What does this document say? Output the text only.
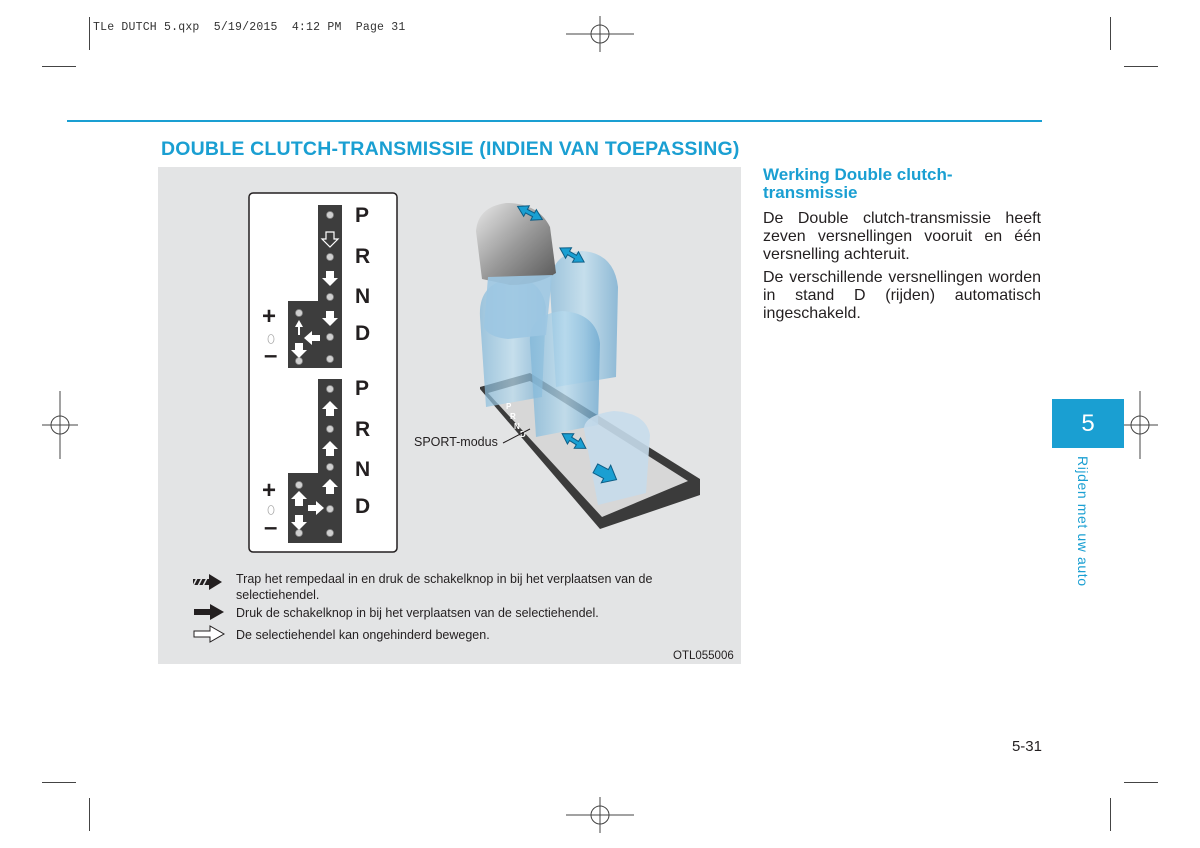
TLe DUTCH 5.qxp  5/19/2015  4:12 PM  Page 31
DOUBLE CLUTCH-TRANSMISSIE (INDIEN VAN TOEPASSING)
P
R
N
D
P
R
N
D
+
–
P
R
N
D
+
–
SPORT-modus
Trap het rempedaal in en druk de schakelknop in bij het verplaatsen van de selectiehendel.
Druk de schakelknop in bij het verplaatsen van de selectiehendel.
De selectiehendel kan ongehinderd bewegen.
OTL055006
Werking Double clutch-transmissie
De Double clutch-transmissie heeft zeven versnellingen vooruit en één versnelling achteruit.
De verschillende versnellingen worden in stand D (rijden) automatisch ingeschakeld.
5
Rijden met uw auto
5-31
